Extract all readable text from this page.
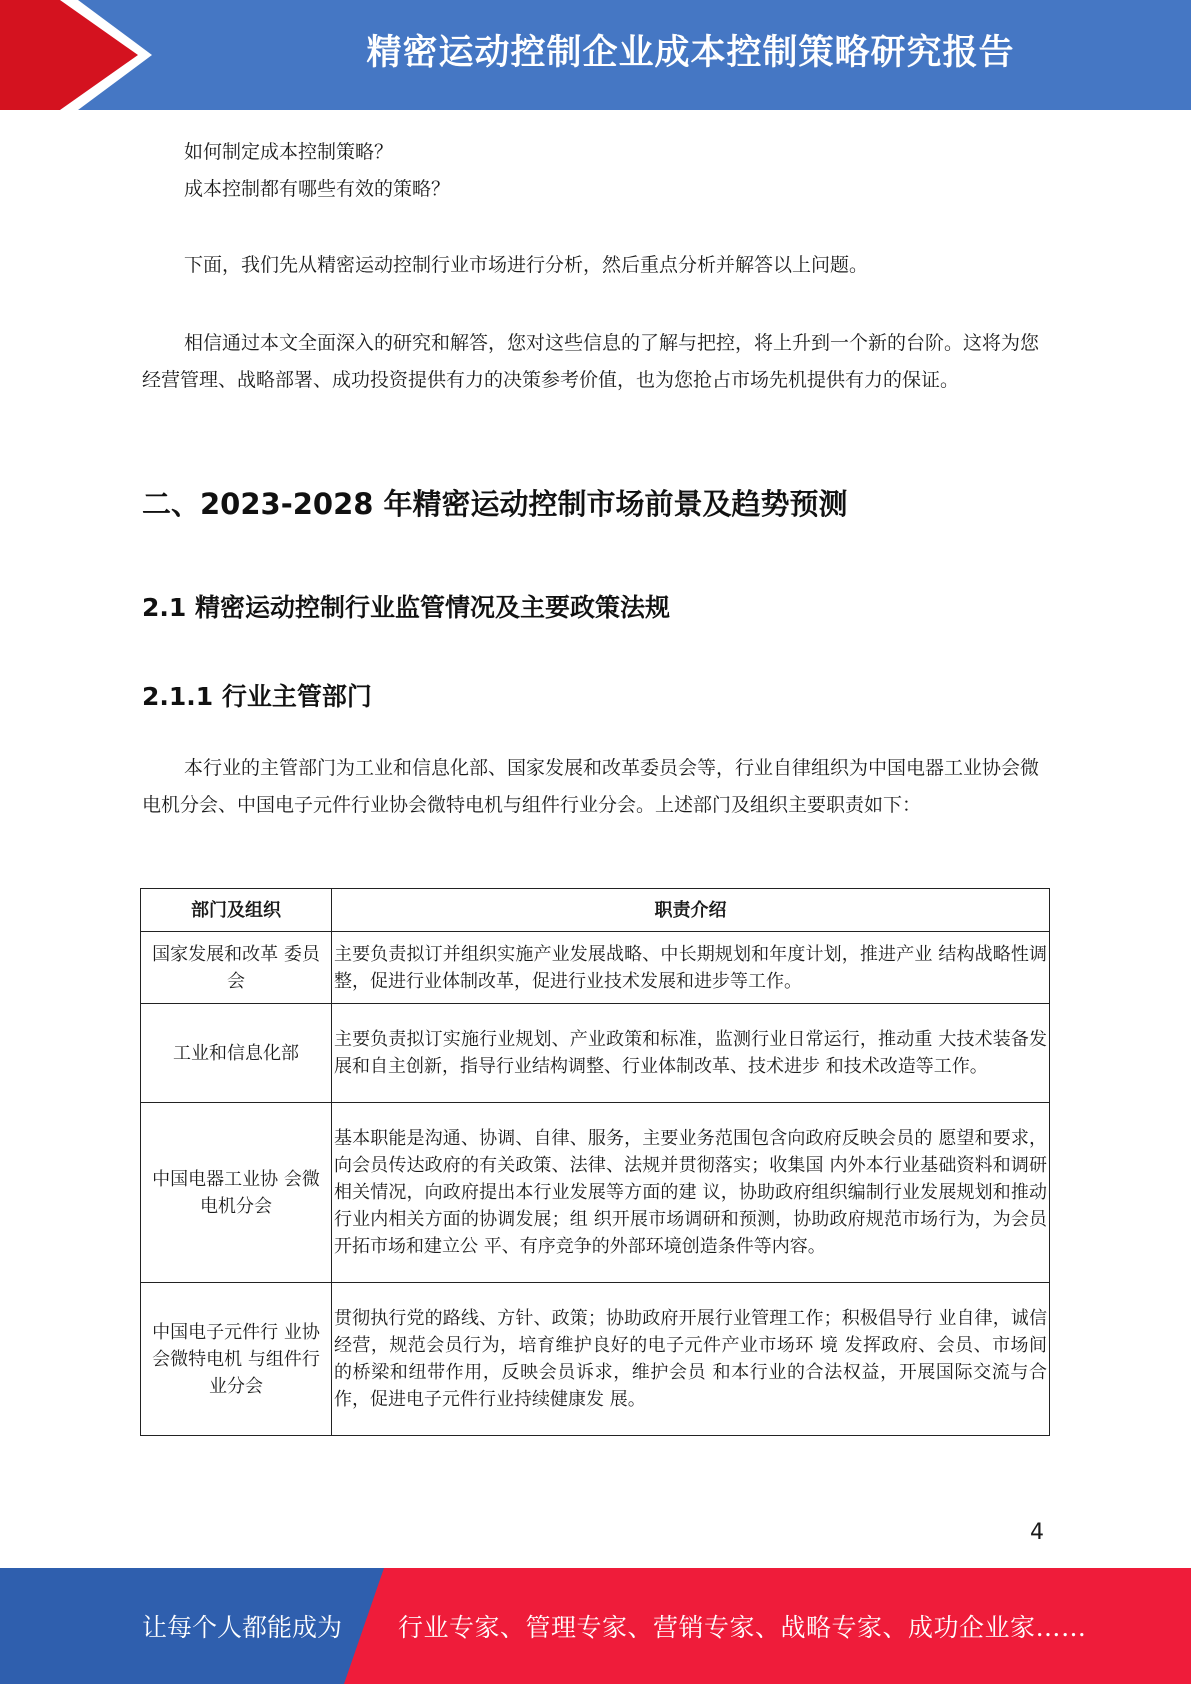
精密运动控制企业成本控制策略研究报告

如何制定成本控制策略？

成本控制都有哪些有效的策略？

下面，我们先从精密运动控制行业市场进行分析，然后重点分析并解答以上问题。

相信通过本文全面深入的研究和解答，您对这些信息的了解与把控，将上升到一个新的台阶。这将为您经营管理、战略部署、成功投资提供有力的决策参考价值，也为您抢占市场先机提供有力的保证。

二、2023-2028 年精密运动控制市场前景及趋势预测
2.1 精密运动控制行业监管情况及主要政策法规
2.1.1 行业主管部门

本行业的主管部门为工业和信息化部、国家发展和改革委员会等，行业自律组织为中国电器工业协会微电机分会、中国电子元件行业协会微特电机与组件行业分会。上述部门及组织主要职责如下：

部门及组织	职责介绍
国家发展和改革 委员会	主要负责拟订并组织实施产业发展战略、中长期规划和年度计划，推进产业 结构战略性调整，促进行业体制改革，促进行业技术发展和进步等工作。
工业和信息化部	主要负责拟订实施行业规划、产业政策和标准，监测行业日常运行，推动重 大技术装备发展和自主创新，指导行业结构调整、行业体制改革、技术进步 和技术改造等工作。
中国电器工业协 会微电机分会	基本职能是沟通、协调、自律、服务，主要业务范围包含向政府反映会员的 愿望和要求，向会员传达政府的有关政策、法律、法规并贯彻落实；收集国 内外本行业基础资料和调研相关情况，向政府提出本行业发展等方面的建 议，协助政府组织编制行业发展规划和推动行业内相关方面的协调发展；组 织开展市场调研和预测，协助政府规范市场行为，为会员开拓市场和建立公 平、有序竞争的外部环境创造条件等内容。
中国电子元件行 业协会微特电机 与组件行业分会	贯彻执行党的路线、方针、政策；协助政府开展行业管理工作；积极倡导行 业自律，诚信经营，规范会员行为，培育维护良好的电子元件产业市场环 境 发挥政府、会员、市场间的桥梁和纽带作用，反映会员诉求，维护会员 和本行业的合法权益，开展国际交流与合作，促进电子元件行业持续健康发 展。
4
让每个人都能成为 行业专家、管理专家、营销专家、战略专家、成功企业家……
